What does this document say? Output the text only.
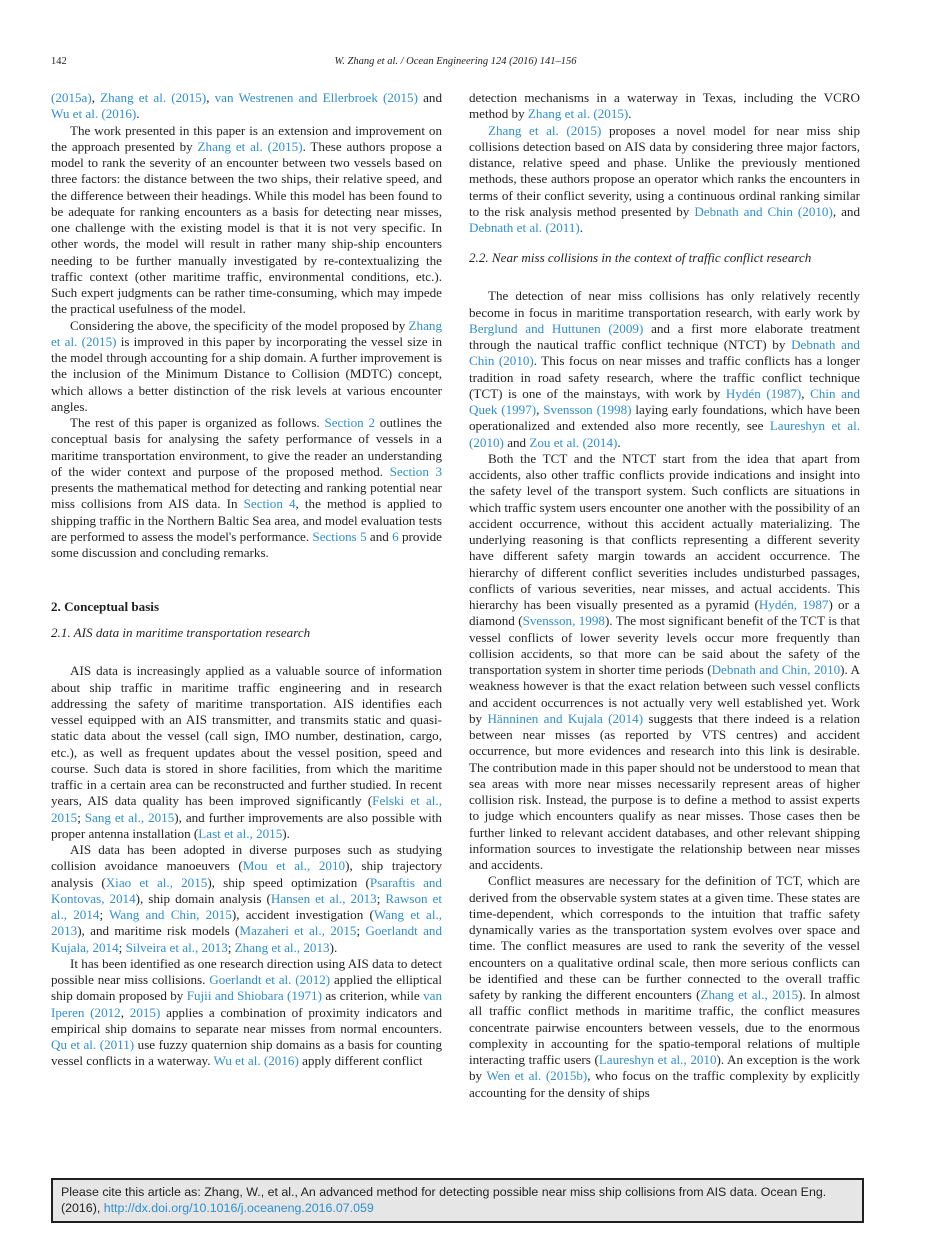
142	W. Zhang et al. / Ocean Engineering 124 (2016) 141–156

(2015a), Zhang et al. (2015), van Westrenen and Ellerbroek (2015) and Wu et al. (2016).

The work presented in this paper is an extension and improvement on the approach presented by Zhang et al. (2015). These authors propose a model to rank the severity of an encounter between two vessels based on three factors: the distance between the two ships, their relative speed, and the difference between their headings. While this model has been found to be adequate for ranking encounters as a basis for detecting near misses, one challenge with the existing model is that it is not very specific. In other words, the model will result in rather many ship-ship encounters needing to be further manually investigated by re-contextualizing the traffic context (other maritime traffic, environmental conditions, etc.). Such expert judgments can be rather time-consuming, which may impede the practical usefulness of the model.

Considering the above, the specificity of the model proposed by Zhang et al. (2015) is improved in this paper by incorporating the vessel size in the model through accounting for a ship domain. A further improvement is the inclusion of the Minimum Distance to Collision (MDTC) concept, which allows a better distinction of the risk levels at various encounter angles.

The rest of this paper is organized as follows. Section 2 outlines the conceptual basis for analysing the safety performance of vessels in a maritime transportation environment, to give the reader an understanding of the wider context and purpose of the proposed method. Section 3 presents the mathematical method for detecting and ranking potential near miss collisions from AIS data. In Section 4, the method is applied to shipping traffic in the Northern Baltic Sea area, and model evaluation tests are performed to assess the model's performance. Sections 5 and 6 provide some discussion and concluding remarks.

2. Conceptual basis
2.1. AIS data in maritime transportation research

AIS data is increasingly applied as a valuable source of information about ship traffic in maritime traffic engineering and in research addressing the safety of maritime transportation. AIS identifies each vessel equipped with an AIS transmitter, and transmits static and quasi-static data about the vessel (call sign, IMO number, destination, cargo, etc.), as well as frequent updates about the vessel position, speed and course. Such data is stored in shore facilities, from which the maritime traffic in a certain area can be reconstructed and further studied. In recent years, AIS data quality has been improved significantly (Felski et al., 2015; Sang et al., 2015), and further improvements are also possible with proper antenna installation (Last et al., 2015).

AIS data has been adopted in diverse purposes such as studying collision avoidance manoeuvers (Mou et al., 2010), ship trajectory analysis (Xiao et al., 2015), ship speed optimization (Psaraftis and Kontovas, 2014), ship domain analysis (Hansen et al., 2013; Rawson et al., 2014; Wang and Chin, 2015), accident investigation (Wang et al., 2013), and maritime risk models (Mazaheri et al., 2015; Goerlandt and Kujala, 2014; Silveira et al., 2013; Zhang et al., 2013).

It has been identified as one research direction using AIS data to detect possible near miss collisions. Goerlandt et al. (2012) applied the elliptical ship domain proposed by Fujii and Shiobara (1971) as criterion, while van Iperen (2012, 2015) applies a combination of proximity indicators and empirical ship domains to separate near misses from normal encounters. Qu et al. (2011) use fuzzy quaternion ship domains as a basis for counting vessel conflicts in a waterway. Wu et al. (2016) apply different conflict

detection mechanisms in a waterway in Texas, including the VCRO method by Zhang et al. (2015).

Zhang et al. (2015) proposes a novel model for near miss ship collisions detection based on AIS data by considering three major factors, distance, relative speed and phase. Unlike the previously mentioned methods, these authors propose an operator which ranks the encounters in terms of their conflict severity, using a continuous ordinal ranking similar to the risk analysis method presented by Debnath and Chin (2010), and Debnath et al. (2011).

2.2. Near miss collisions in the context of traffic conflict research

The detection of near miss collisions has only relatively recently become in focus in maritime transportation research, with early work by Berglund and Huttunen (2009) and a first more elaborate treatment through the nautical traffic conflict technique (NTCT) by Debnath and Chin (2010). This focus on near misses and traffic conflicts has a longer tradition in road safety research, where the traffic conflict technique (TCT) is one of the mainstays, with work by Hydén (1987), Chin and Quek (1997), Svensson (1998) laying early foundations, which have been operationalized and extended also more recently, see Laureshyn et al. (2010) and Zou et al. (2014).

Both the TCT and the NTCT start from the idea that apart from accidents, also other traffic conflicts provide indications and insight into the safety level of the transport system. Such conflicts are situations in which traffic system users encounter one another with the possibility of an accident occurrence, without this accident actually materializing. The underlying reasoning is that conflicts representing a different severity have different safety margin towards an accident occurrence. The hierarchy of different conflict severities includes undisturbed passages, conflicts of various severities, near misses, and actual accidents. This hierarchy has been visually presented as a pyramid (Hydén, 1987) or a diamond (Svensson, 1998). The most significant benefit of the TCT is that vessel conflicts of lower severity levels occur more frequently than collision accidents, so that more can be said about the safety of the transportation system in shorter time periods (Debnath and Chin, 2010). A weakness however is that the exact relation between such vessel conflicts and accident occurrences is not actually very well established yet. Work by Hänninen and Kujala (2014) suggests that there indeed is a relation between near misses (as reported by VTS centres) and accident occurrence, but more evidences and research into this link is desirable. The contribution made in this paper should not be understood to mean that sea areas with more near misses necessarily represent areas of higher collision risk. Instead, the purpose is to define a method to assist experts to judge which encounters qualify as near misses. Those cases then be further linked to relevant accident databases, and other relevant shipping information sources to investigate the relationship between near misses and accidents.

Conflict measures are necessary for the definition of TCT, which are derived from the observable system states at a given time. These states are time-dependent, which corresponds to the intuition that traffic safety dynamically varies as the transportation system evolves over space and time. The conflict measures are used to rank the severity of the vessel encounters on a qualitative ordinal scale, then more serious conflicts can be identified and these can be further connected to the overall traffic safety by ranking the different encounters (Zhang et al., 2015). In almost all traffic conflict methods in maritime traffic, the conflict measures concentrate pairwise encounters between vessels, due to the enormous complexity in accounting for the spatio-temporal relations of multiple interacting traffic users (Laureshyn et al., 2010). An exception is the work by Wen et al. (2015b), who focus on the traffic complexity by explicitly accounting for the density of ships

Please cite this article as: Zhang, W., et al., An advanced method for detecting possible near miss ship collisions from AIS data. Ocean Eng. (2016), http://dx.doi.org/10.1016/j.oceaneng.2016.07.059
